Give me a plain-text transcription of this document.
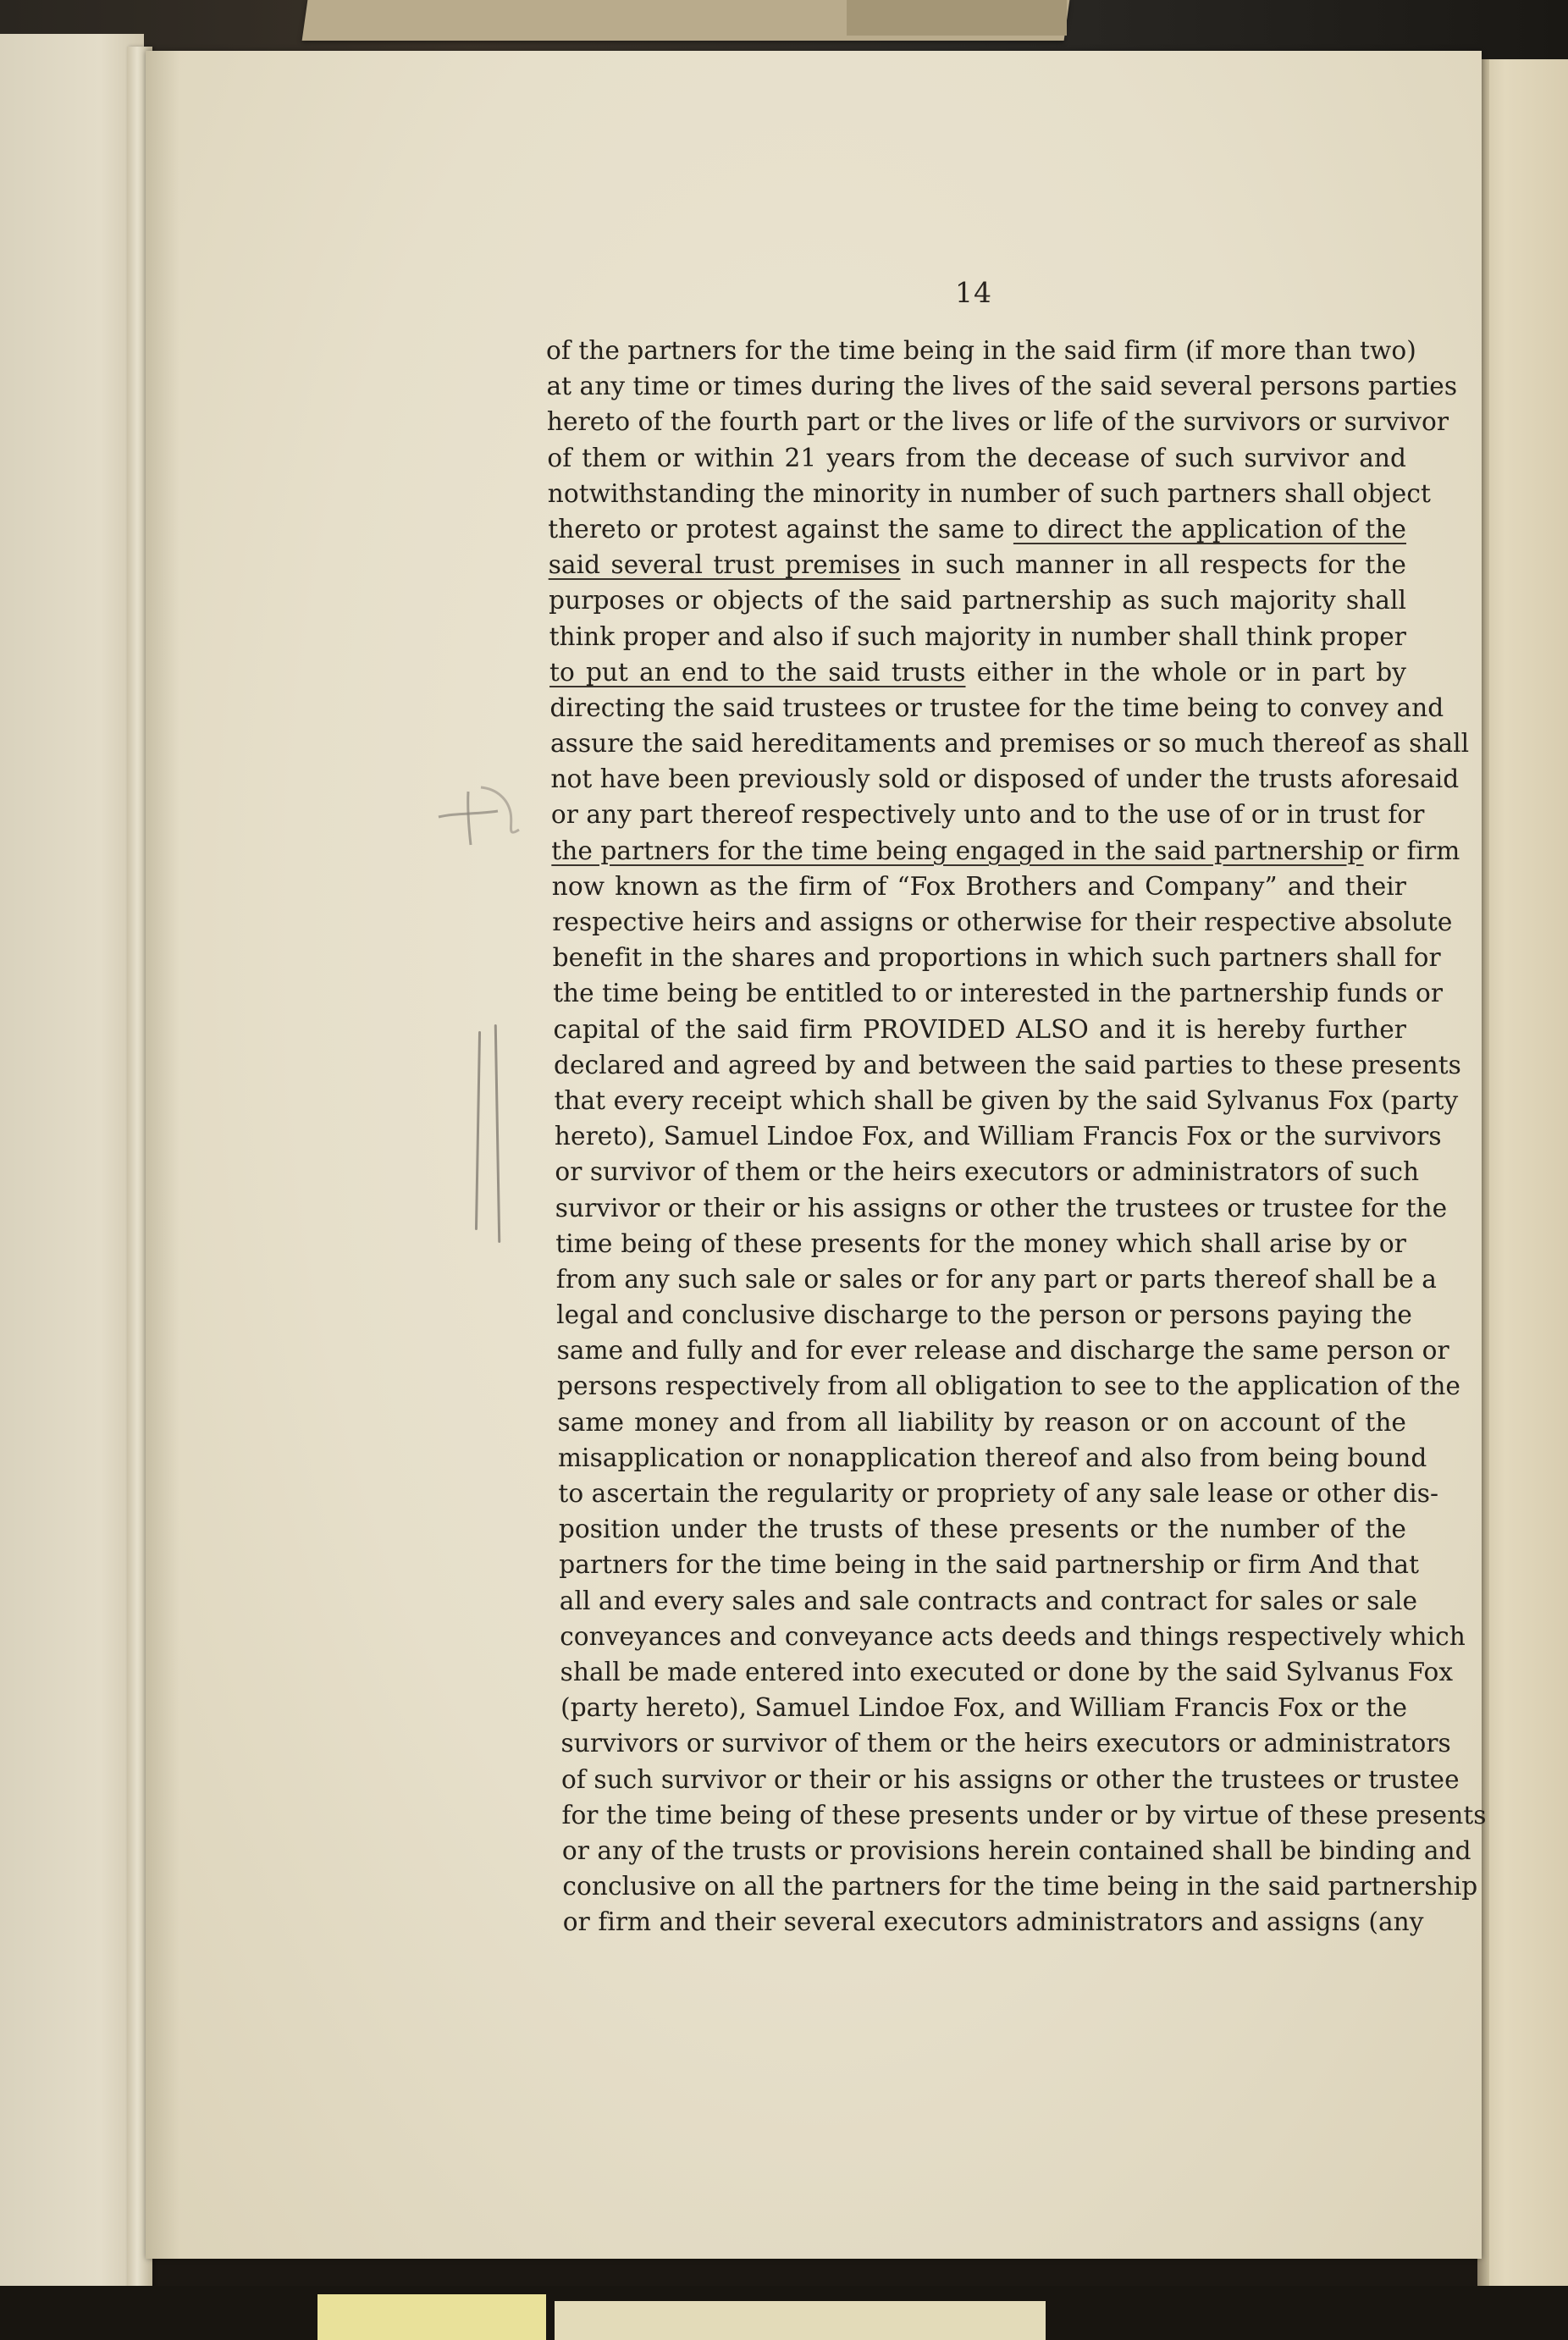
14
of the partners for the time being in the said firm (if more than two)
at any time or times during the lives of the said several persons parties
hereto of the fourth part or the lives or life of the survivors or survivor
of them or within 21 years from the decease of such survivor and
notwithstanding the minority in number of such partners shall object
thereto or protest against the same to direct the application of the
said several trust premises in such manner in all respects for the
purposes or objects of the said partnership as such majority shall
think proper and also if such majority in number shall think proper
to put an end to the said trusts either in the whole or in part by
directing the said trustees or trustee for the time being to convey and
assure the said hereditaments and premises or so much thereof as shall
not have been previously sold or disposed of under the trusts aforesaid
or any part thereof respectively unto and to the use of or in trust for
the partners for the time being engaged in the said partnership or firm
now known as the firm of “Fox Brothers and Company” and their
respective heirs and assigns or otherwise for their respective absolute
benefit in the shares and proportions in which such partners shall for
the time being be entitled to or interested in the partnership funds or
capital of the said firm PROVIDED ALSO and it is hereby further
declared and agreed by and between the said parties to these presents
that every receipt which shall be given by the said Sylvanus Fox (party
hereto), Samuel Lindoe Fox, and William Francis Fox or the survivors
or survivor of them or the heirs executors or administrators of such
survivor or their or his assigns or other the trustees or trustee for the
time being of these presents for the money which shall arise by or
from any such sale or sales or for any part or parts thereof shall be a
legal and conclusive discharge to the person or persons paying the
same and fully and for ever release and discharge the same person or
persons respectively from all obligation to see to the application of the
same money and from all liability by reason or on account of the
misapplication or nonapplication thereof and also from being bound
to ascertain the regularity or propriety of any sale lease or other dis-
position under the trusts of these presents or the number of the
partners for the time being in the said partnership or firm And that
all and every sales and sale contracts and contract for sales or sale
conveyances and conveyance acts deeds and things respectively which
shall be made entered into executed or done by the said Sylvanus Fox
(party hereto), Samuel Lindoe Fox, and William Francis Fox or the
survivors or survivor of them or the heirs executors or administrators
of such survivor or their or his assigns or other the trustees or trustee
for the time being of these presents under or by virtue of these presents
or any of the trusts or provisions herein contained shall be binding and
conclusive on all the partners for the time being in the said partnership
or firm and their several executors administrators and assigns (any
